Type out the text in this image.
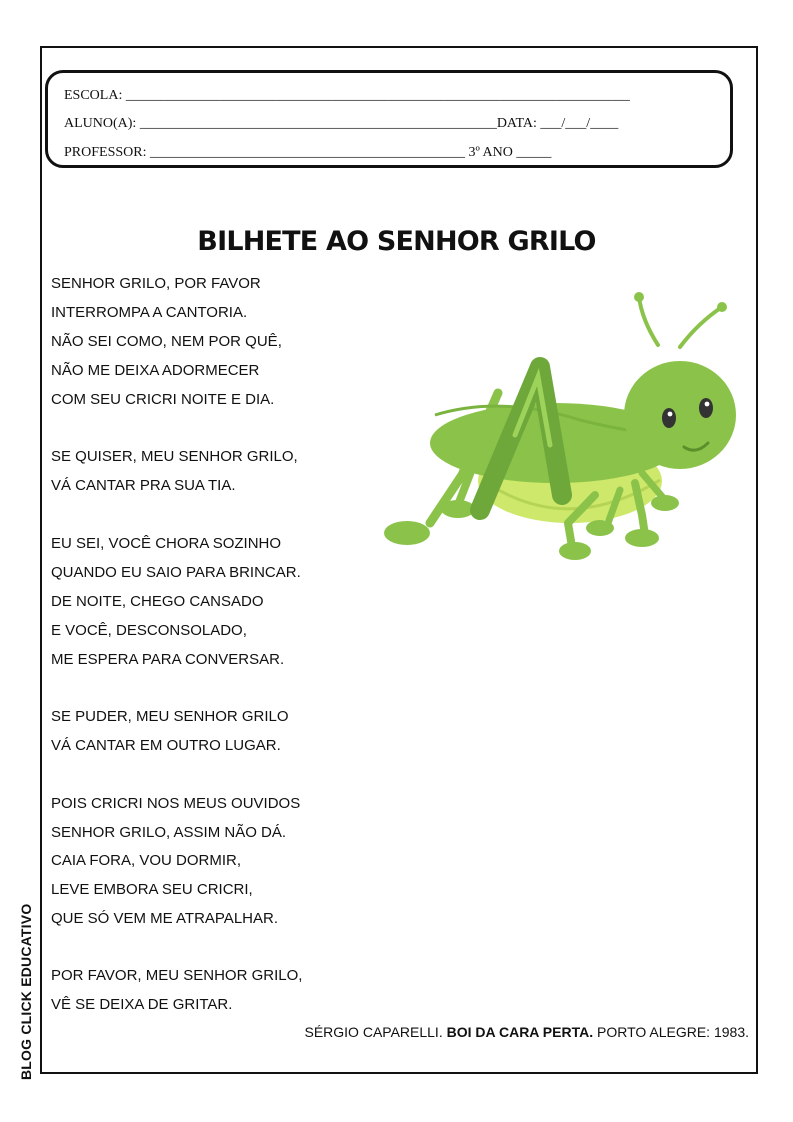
ESCOLA: ________________________________________________________________________
ALUNO(A): ___________________________________________________DATA: ___/___/____
PROFESSOR: _____________________________________________ 3º ANO _____
BILHETE AO SENHOR GRILO
SENHOR GRILO, POR FAVOR
INTERROMPA A CANTORIA.
NÃO SEI COMO, NEM POR QUÊ,
NÃO ME DEIXA ADORMECER
COM SEU CRICRI NOITE E DIA.
SE QUISER, MEU SENHOR GRILO,
VÁ CANTAR PRA SUA TIA.
EU SEI, VOCÊ CHORA SOZINHO
QUANDO EU SAIO PARA BRINCAR.
DE NOITE, CHEGO CANSADO
E VOCÊ, DESCONSOLADO,
ME ESPERA PARA CONVERSAR.
SE PUDER, MEU SENHOR GRILO
VÁ CANTAR EM OUTRO LUGAR.
POIS CRICRI NOS MEUS OUVIDOS
SENHOR GRILO, ASSIM NÃO DÁ.
CAIA FORA, VOU DORMIR,
LEVE EMBORA SEU CRICRI,
QUE SÓ VEM ME ATRAPALHAR.
POR FAVOR, MEU SENHOR GRILO,
VÊ SE DEIXA DE GRITAR.
SÉRGIO CAPARELLI. BOI DA CARA PERTA. PORTO ALEGRE: 1983.
BLOG CLICK EDUCATIVO
